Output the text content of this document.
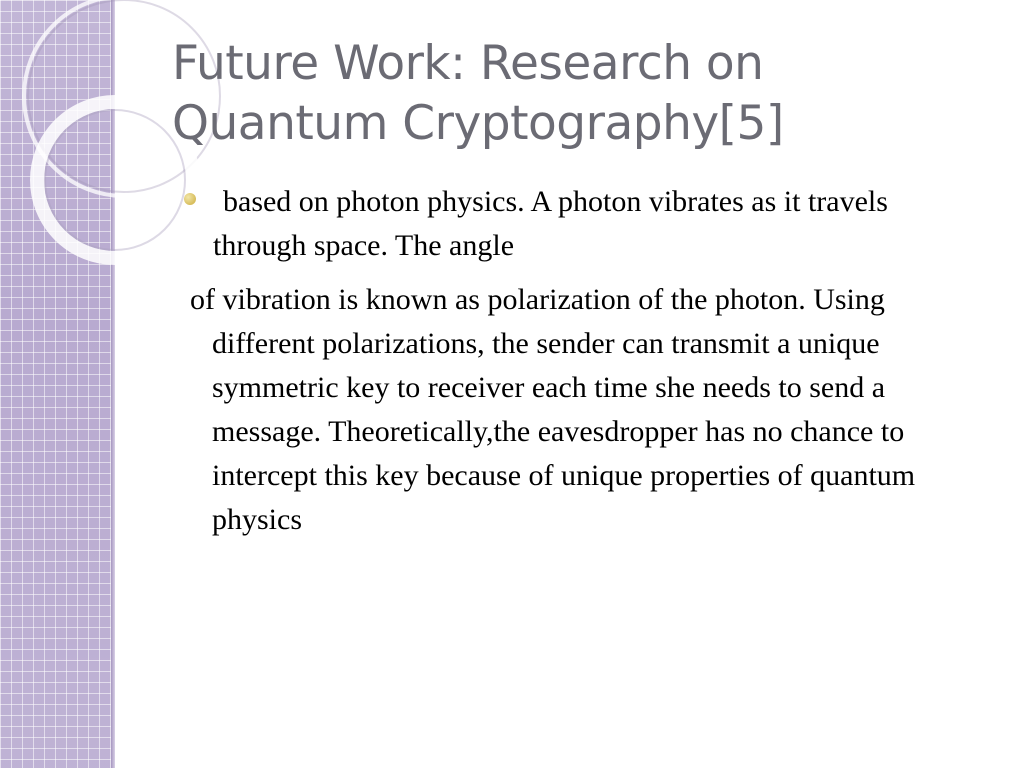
Future Work: Research on Quantum Cryptography[5]

based on photon physics. A photon vibrates as it travels through space. The angle

of vibration is known as polarization of the photon. Using different polarizations, the sender can transmit a unique symmetric key to receiver each time she needs to send a message. Theoretically,the eavesdropper has no chance to intercept this key because of unique properties of quantum physics
